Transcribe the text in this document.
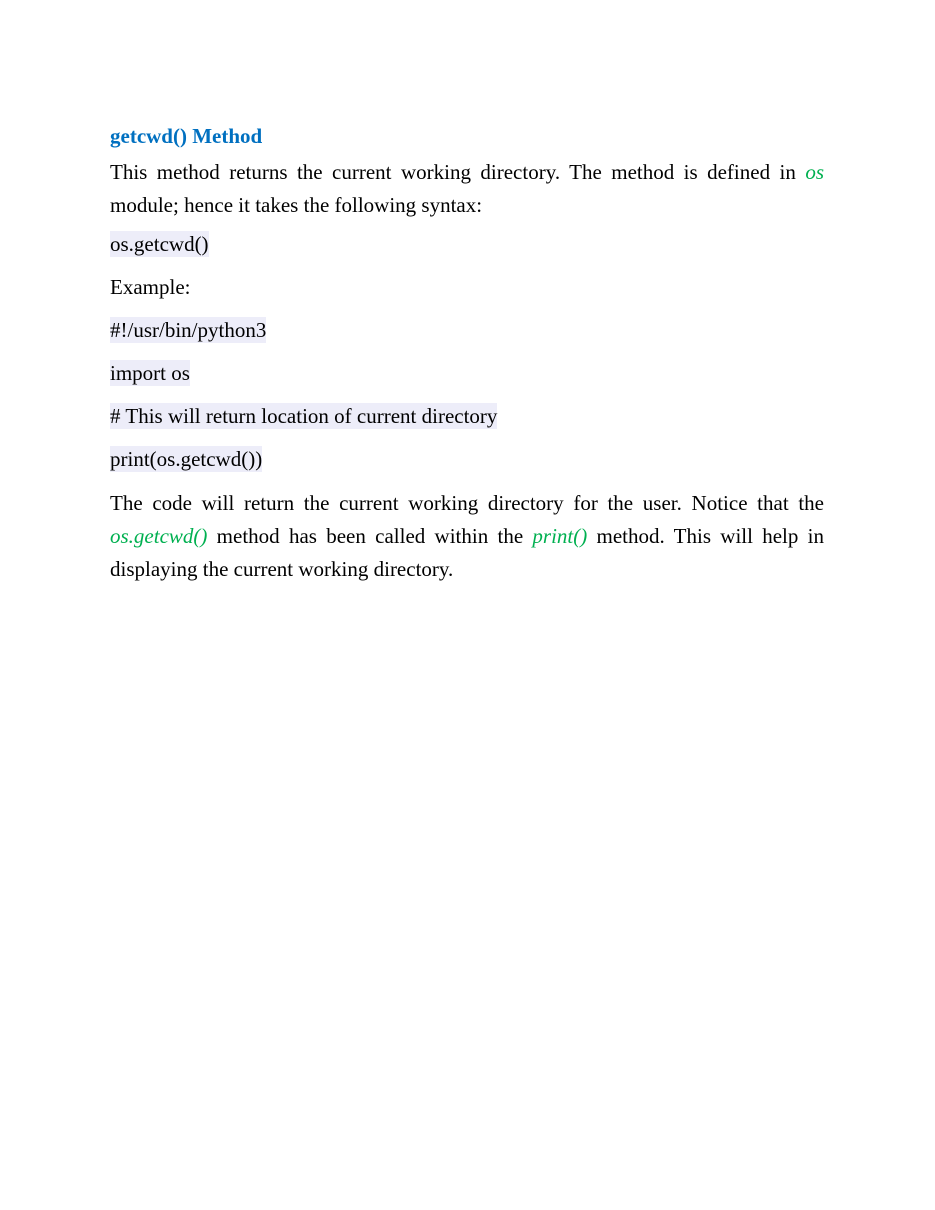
getcwd() Method

This method returns the current working directory. The method is defined in os module; hence it takes the following syntax:

os.getcwd()
Example:
#!/usr/bin/python3
import os
# This will return location of current directory
print(os.getcwd())

The code will return the current working directory for the user. Notice that the os.getcwd() method has been called within the print() method. This will help in displaying the current working directory.
